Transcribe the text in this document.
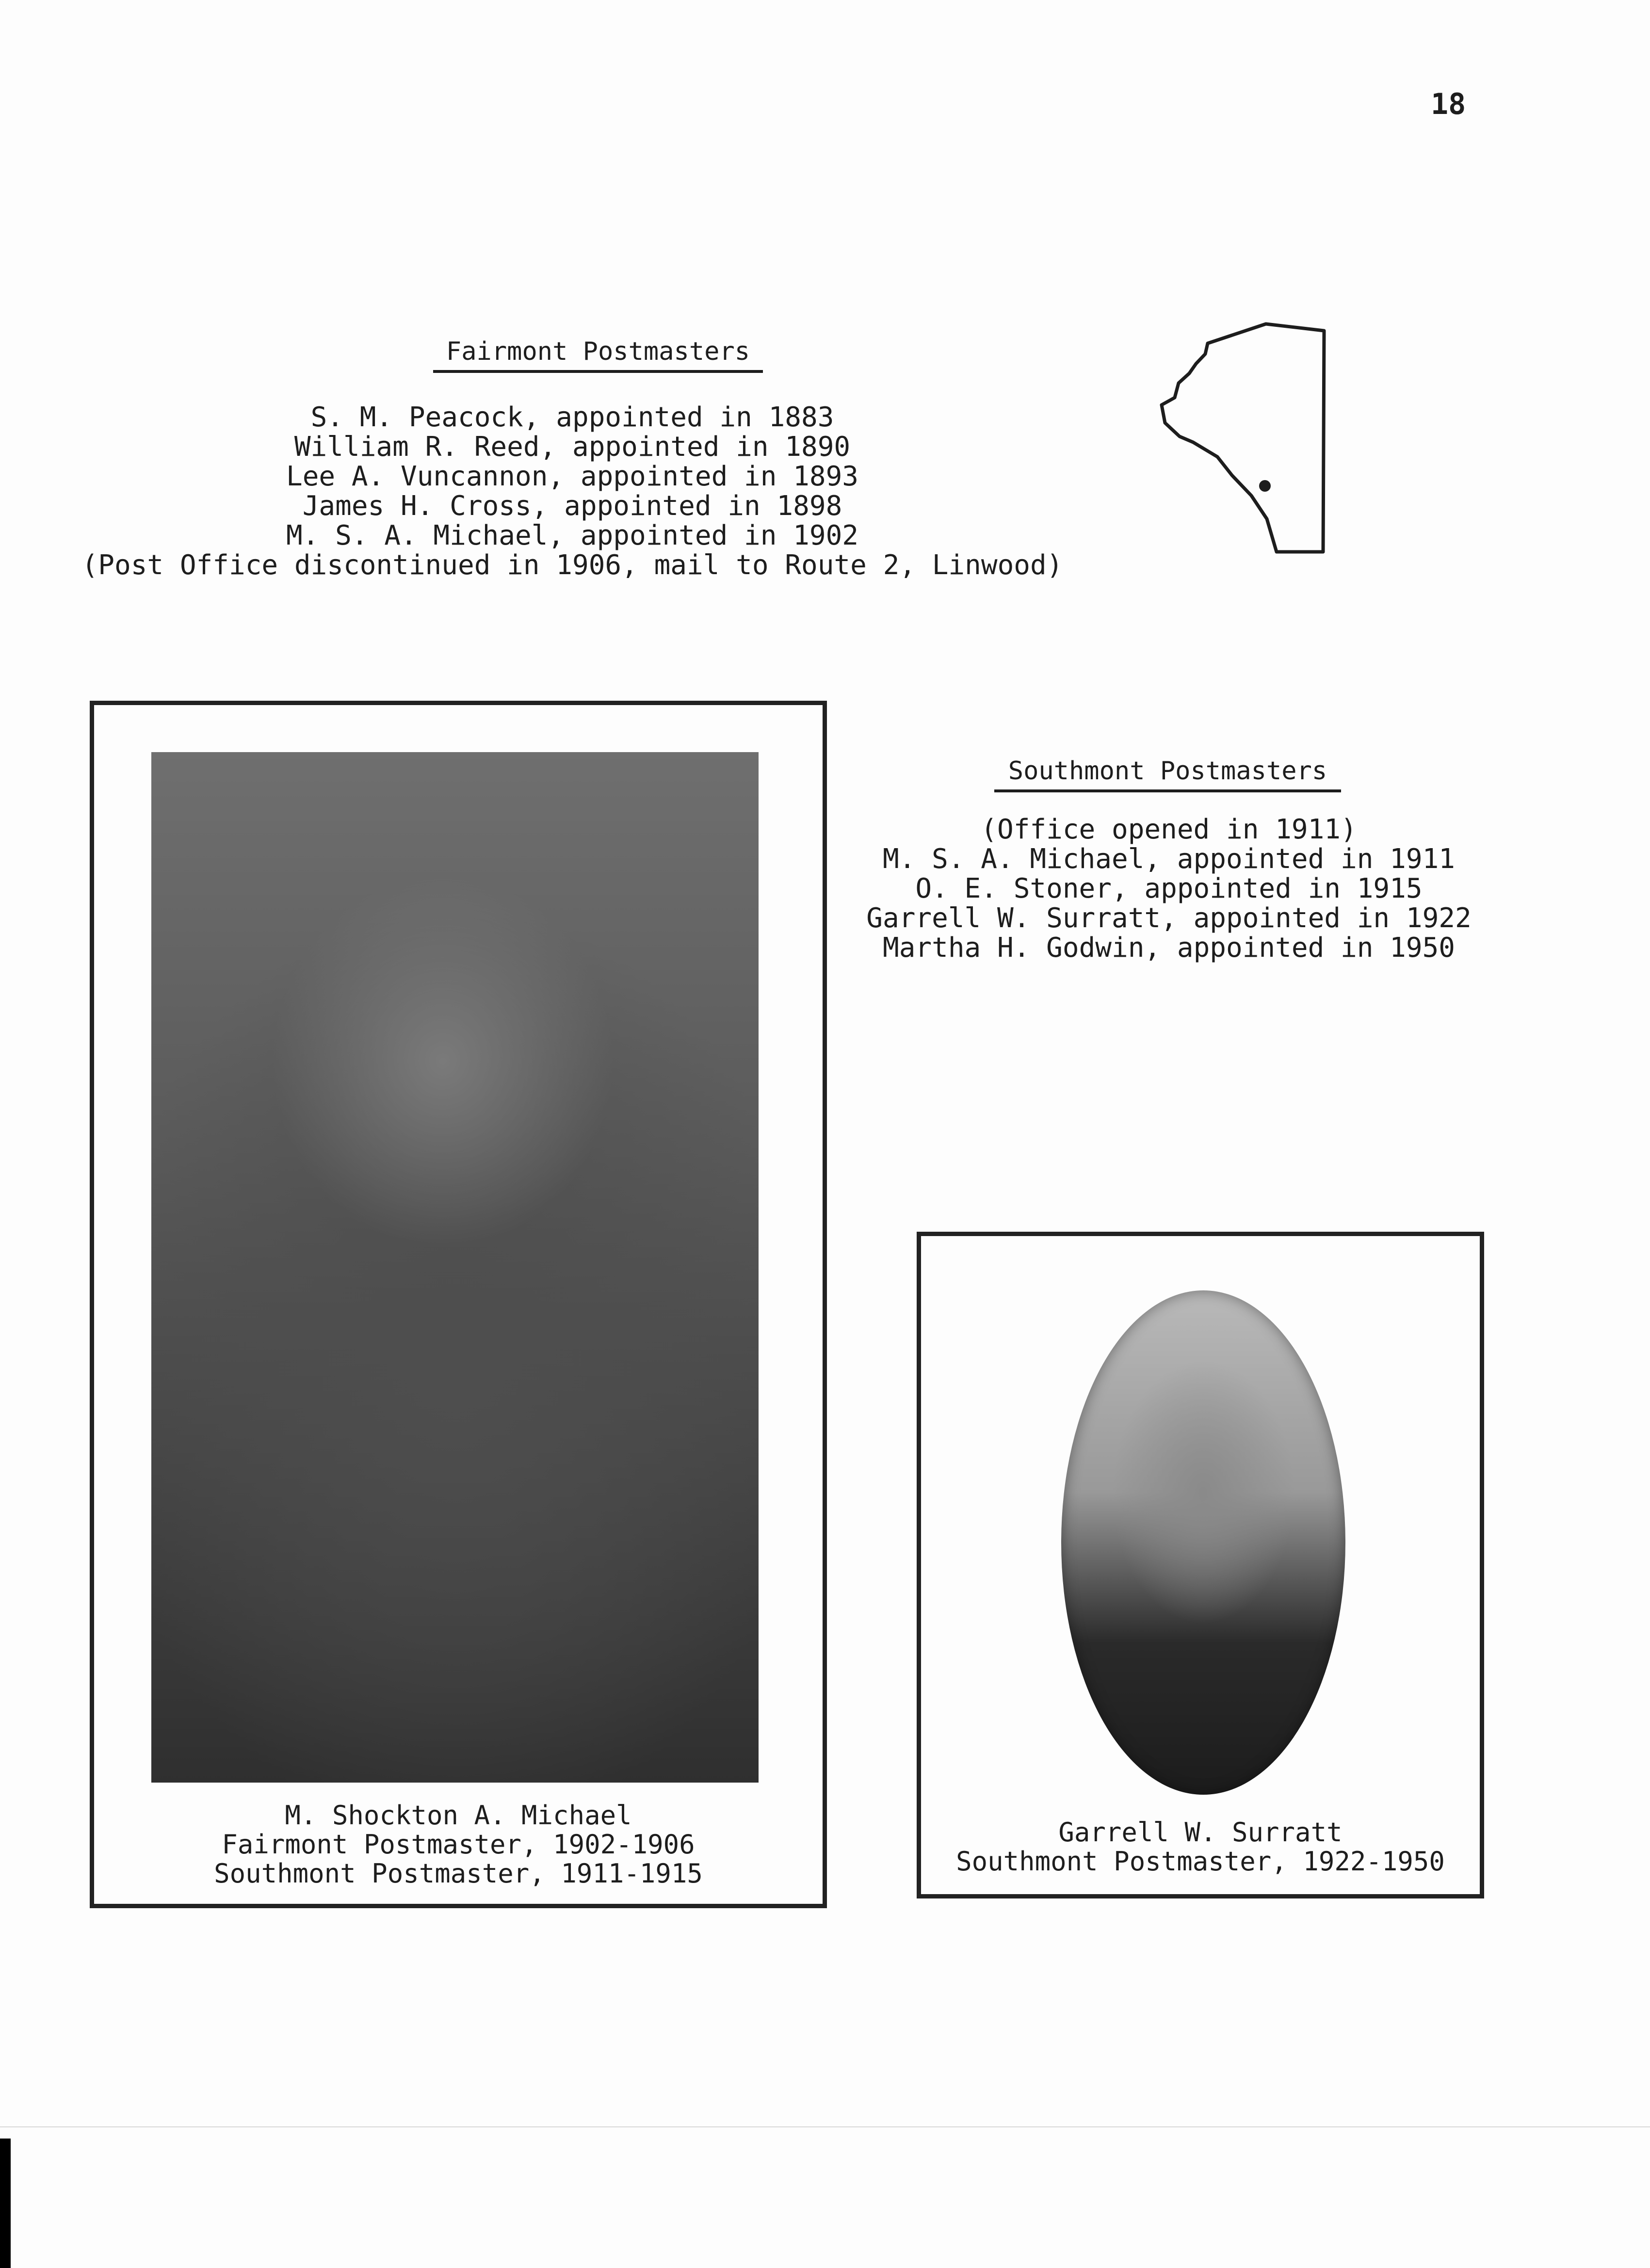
18
Fairmont Postmasters
S. M. Peacock, appointed in 1883
William R. Reed, appointed in 1890
Lee A. Vuncannon, appointed in 1893
James H. Cross, appointed in 1898
M. S. A. Michael, appointed in 1902
(Post Office discontinued in 1906, mail to Route 2, Linwood)
M. Shockton A. Michael
Fairmont Postmaster, 1902-1906
Southmont Postmaster, 1911-1915
Southmont Postmasters
(Office opened in 1911)
M. S. A. Michael, appointed in 1911
O. E. Stoner, appointed in 1915
Garrell W. Surratt, appointed in 1922
Martha H. Godwin, appointed in 1950
Garrell W. Surratt
Southmont Postmaster, 1922-1950
